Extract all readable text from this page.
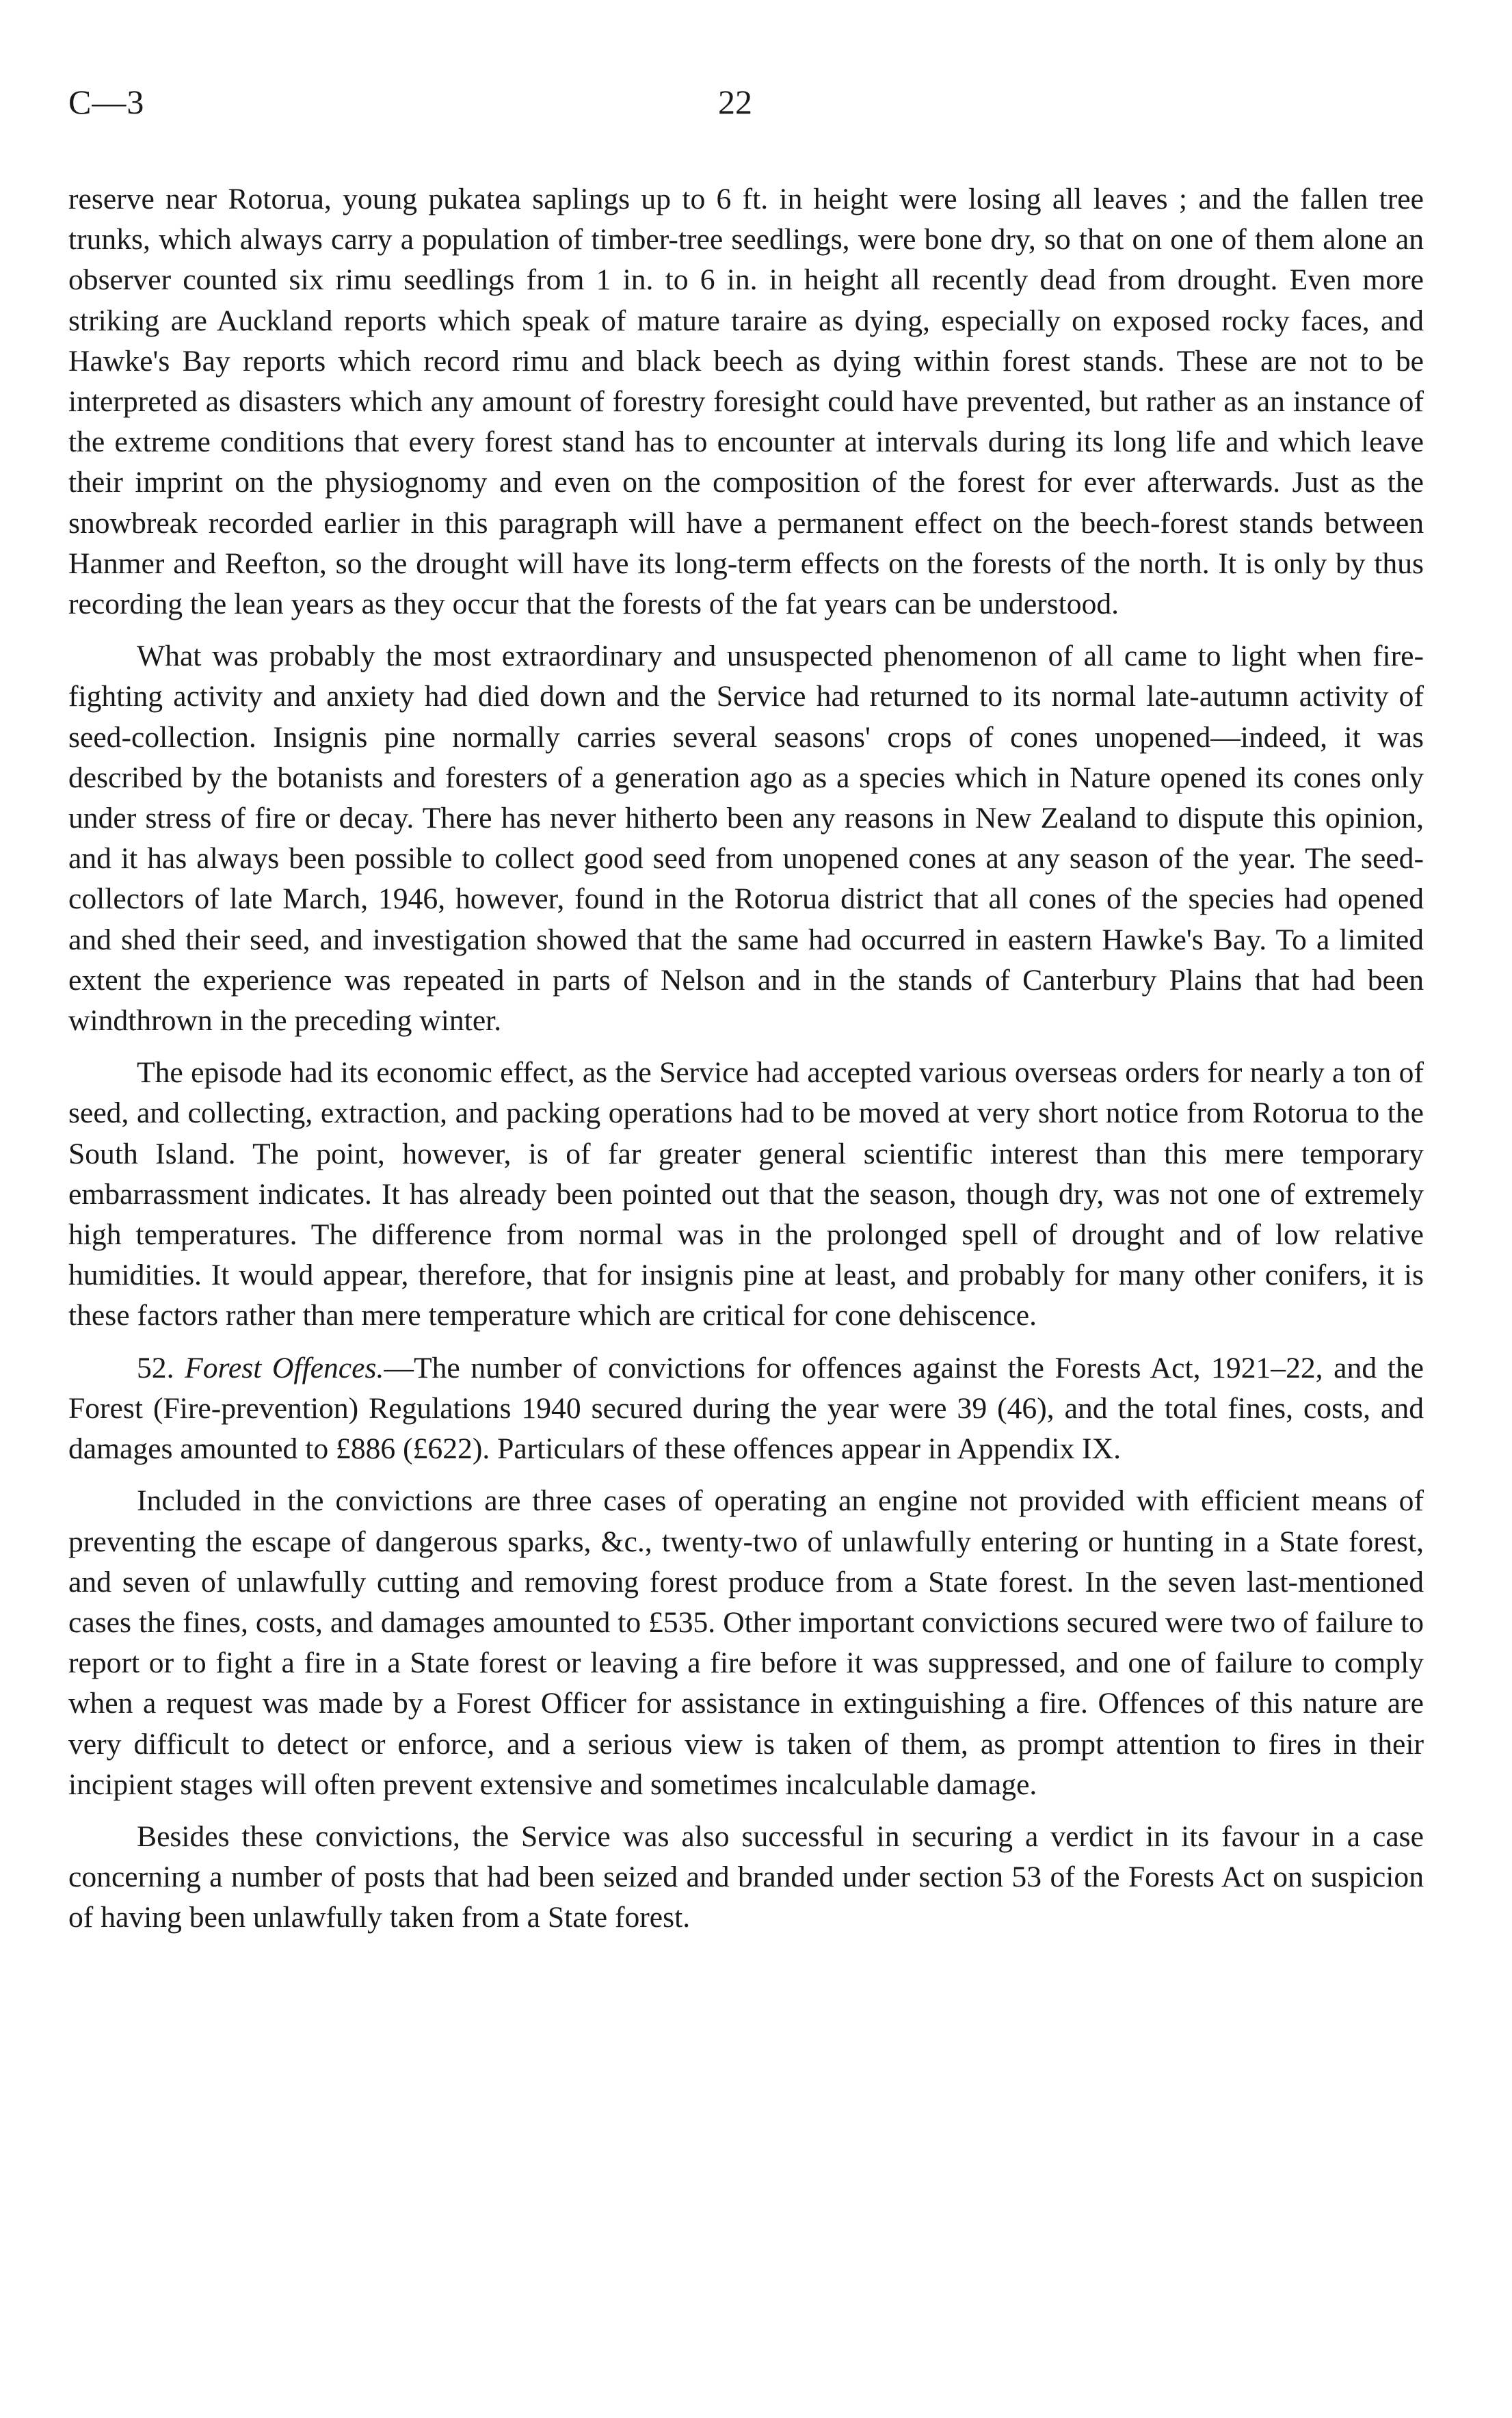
C—3	22

reserve near Rotorua, young pukatea saplings up to 6 ft. in height were losing all leaves ; and the fallen tree trunks, which always carry a population of timber-tree seedlings, were bone dry, so that on one of them alone an observer counted six rimu seedlings from 1 in. to 6 in. in height all recently dead from drought. Even more striking are Auckland reports which speak of mature taraire as dying, especially on exposed rocky faces, and Hawke's Bay reports which record rimu and black beech as dying within forest stands. These are not to be interpreted as disasters which any amount of forestry foresight could have prevented, but rather as an instance of the extreme conditions that every forest stand has to encounter at intervals during its long life and which leave their imprint on the physiognomy and even on the composition of the forest for ever afterwards. Just as the snowbreak recorded earlier in this paragraph will have a permanent effect on the beech-forest stands between Hanmer and Reefton, so the drought will have its long-term effects on the forests of the north. It is only by thus recording the lean years as they occur that the forests of the fat years can be understood.

What was probably the most extraordinary and unsuspected phenomenon of all came to light when fire-fighting activity and anxiety had died down and the Service had returned to its normal late-autumn activity of seed-collection. Insignis pine normally carries several seasons' crops of cones unopened—indeed, it was described by the botanists and foresters of a generation ago as a species which in Nature opened its cones only under stress of fire or decay. There has never hitherto been any reasons in New Zealand to dispute this opinion, and it has always been possible to collect good seed from unopened cones at any season of the year. The seed-collectors of late March, 1946, however, found in the Rotorua district that all cones of the species had opened and shed their seed, and investigation showed that the same had occurred in eastern Hawke's Bay. To a limited extent the experience was repeated in parts of Nelson and in the stands of Canterbury Plains that had been windthrown in the preceding winter.

The episode had its economic effect, as the Service had accepted various overseas orders for nearly a ton of seed, and collecting, extraction, and packing operations had to be moved at very short notice from Rotorua to the South Island. The point, however, is of far greater general scientific interest than this mere temporary embarrassment indicates. It has already been pointed out that the season, though dry, was not one of extremely high temperatures. The difference from normal was in the prolonged spell of drought and of low relative humidities. It would appear, therefore, that for insignis pine at least, and probably for many other conifers, it is these factors rather than mere temperature which are critical for cone dehiscence.

52. Forest Offences.—The number of convictions for offences against the Forests Act, 1921–22, and the Forest (Fire-prevention) Regulations 1940 secured during the year were 39 (46), and the total fines, costs, and damages amounted to £886 (£622). Particulars of these offences appear in Appendix IX.

Included in the convictions are three cases of operating an engine not provided with efficient means of preventing the escape of dangerous sparks, &c., twenty-two of unlawfully entering or hunting in a State forest, and seven of unlawfully cutting and removing forest produce from a State forest. In the seven last-mentioned cases the fines, costs, and damages amounted to £535. Other important convictions secured were two of failure to report or to fight a fire in a State forest or leaving a fire before it was suppressed, and one of failure to comply when a request was made by a Forest Officer for assistance in extinguishing a fire. Offences of this nature are very difficult to detect or enforce, and a serious view is taken of them, as prompt attention to fires in their incipient stages will often prevent extensive and sometimes incalculable damage.

Besides these convictions, the Service was also successful in securing a verdict in its favour in a case concerning a number of posts that had been seized and branded under section 53 of the Forests Act on suspicion of having been unlawfully taken from a State forest.
